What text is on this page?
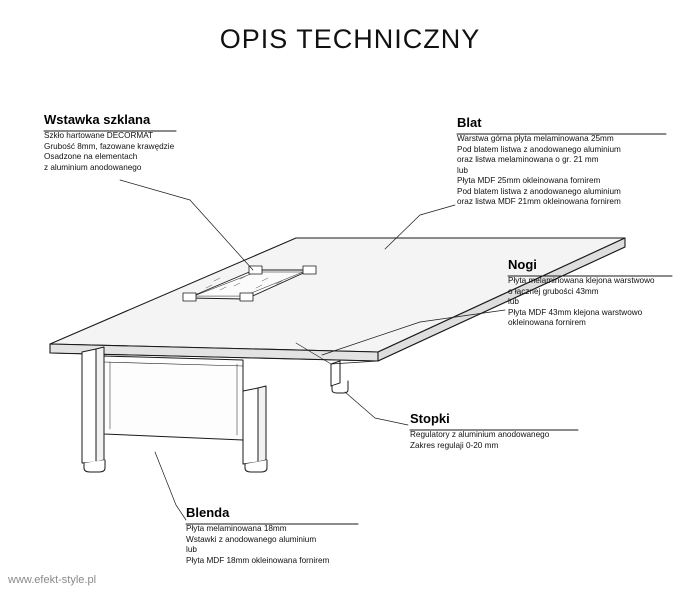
OPIS TECHNICZNY
Wstawka szklana
Szkło hartowane DECORMAT
Grubość 8mm, fazowane krawędzie
Osadzone na elementach
z aluminium anodowanego
Blat
Warstwa górna płyta melaminowana 25mm
Pod blatem listwa z anodowanego aluminium
oraz listwa melaminowana o gr. 21 mm
lub
Płyta MDF 25mm okleinowana fornirem
Pod blatem listwa z anodowanego aluminium
oraz listwa MDF 21mm okleinowana fornirem
Nogi
Płyta melaminowana klejona warstwowo
o łącznej grubości 43mm
lub
Płyta MDF 43mm klejona warstwowo
okleinowana fornirem
Stopki
Regulatory z aluminium anodowanego
Zakres regulaji 0-20 mm
Blenda
Płyta melaminowana 18mm
Wstawki z anodowanego aluminium
lub
Płyta MDF 18mm okleinowana fornirem
www.efekt-style.pl
